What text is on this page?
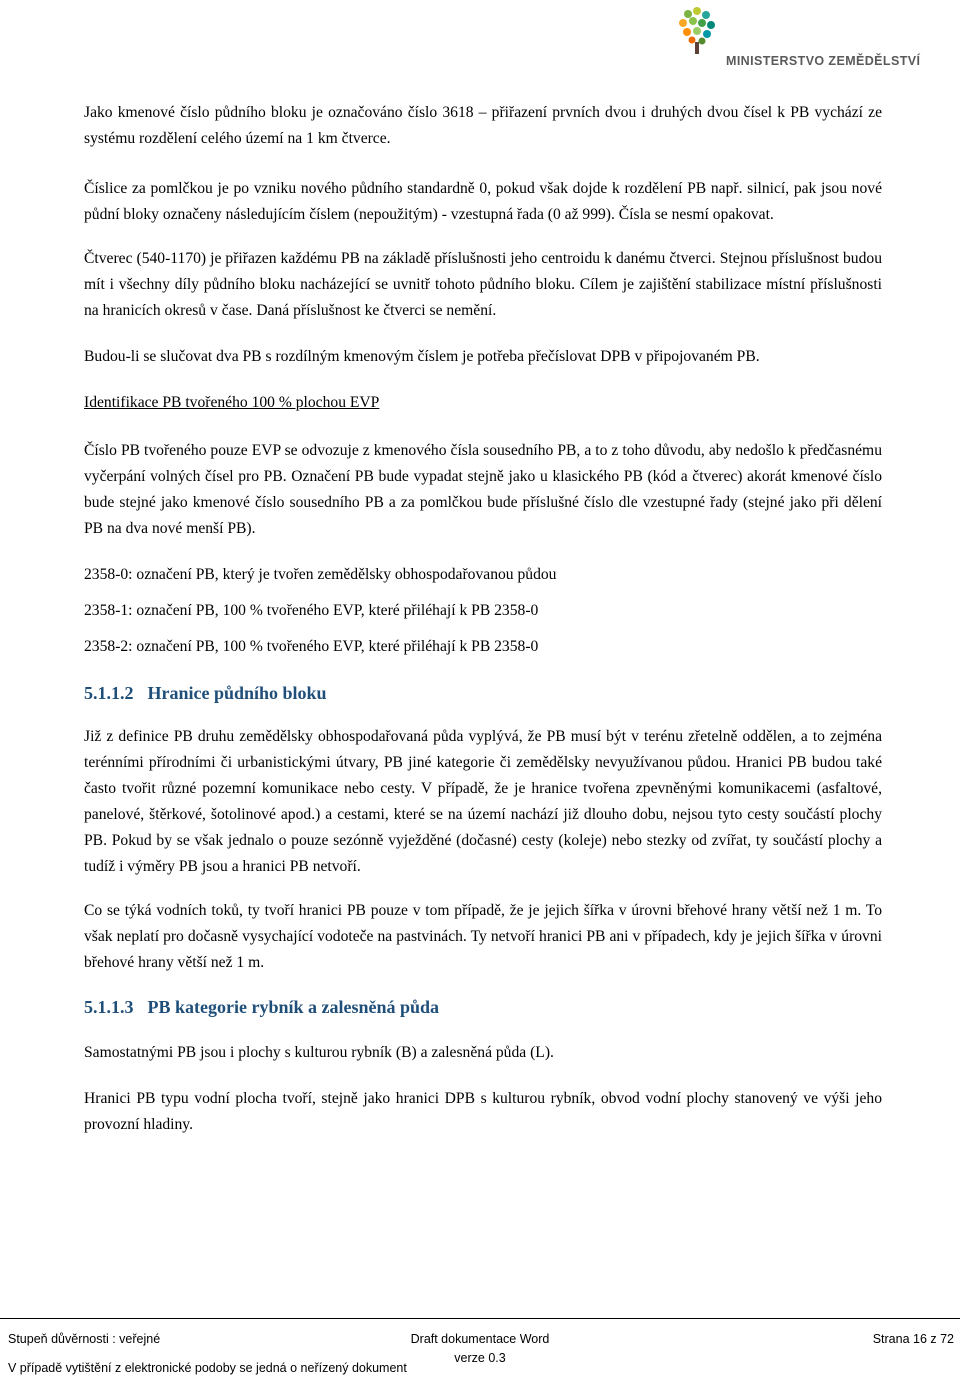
MINISTERSTVO ZEMĚDĚLSTVÍ

Jako kmenové číslo půdního bloku je označováno číslo 3618 – přiřazení prvních dvou i druhých dvou čísel k PB vychází ze systému rozdělení celého území na 1 km čtverce.

Číslice za pomlčkou je po vzniku nového půdního standardně 0, pokud však dojde k rozdělení PB např. silnicí, pak jsou nové půdní bloky označeny následujícím číslem (nepoužitým) - vzestupná řada (0 až 999). Čísla se nesmí opakovat.

Čtverec (540-1170) je přiřazen každému PB na základě příslušnosti jeho centroidu k danému čtverci. Stejnou příslušnost budou mít i všechny díly půdního bloku nacházející se uvnitř tohoto půdního bloku. Cílem je zajištění stabilizace místní příslušnosti na hranicích okresů v čase. Daná příslušnost ke čtverci se nemění.

Budou-li se slučovat dva PB s rozdílným kmenovým číslem je potřeba přečíslovat DPB v připojovaném PB.

Identifikace PB tvořeného 100 % plochou EVP

Číslo PB tvořeného pouze EVP se odvozuje z kmenového čísla sousedního PB, a to z toho důvodu, aby nedošlo k předčasnému vyčerpání volných čísel pro PB. Označení PB bude vypadat stejně jako u klasického PB (kód a čtverec) akorát kmenové číslo bude stejné jako kmenové číslo sousedního PB a za pomlčkou bude příslušné číslo dle vzestupné řady (stejné jako při dělení PB na dva nové menší PB).

2358-0: označení PB, který je tvořen zemědělsky obhospodařovanou půdou

2358-1: označení PB, 100 % tvořeného EVP, které přiléhají k PB 2358-0

2358-2: označení PB, 100 % tvořeného EVP, které přiléhají k PB 2358-0

5.1.1.2 Hranice půdního bloku

Již z definice PB druhu zemědělsky obhospodařovaná půda vyplývá, že PB musí být v terénu zřetelně oddělen, a to zejména terénními přírodními či urbanistickými útvary, PB jiné kategorie či zemědělsky nevyužívanou půdou. Hranici PB budou také často tvořit různé pozemní komunikace nebo cesty. V případě, že je hranice tvořena zpevněnými komunikacemi (asfaltové, panelové, štěrkové, šotolinové apod.) a cestami, které se na území nachází již dlouho dobu, nejsou tyto cesty součástí plochy PB. Pokud by se však jednalo o pouze sezónně vyježděné (dočasné) cesty (koleje) nebo stezky od zvířat, ty součástí plochy a tudíž i výměry PB jsou a hranici PB netvoří.

Co se týká vodních toků, ty tvoří hranici PB pouze v tom případě, že je jejich šířka v úrovni břehové hrany větší než 1 m. To však neplatí pro dočasně vysychající vodoteče na pastvinách. Ty netvoří hranici PB ani v případech, kdy je jejich šířka v úrovni břehové hrany větší než 1 m.

5.1.1.3 PB kategorie rybník a zalesněná půda

Samostatnými PB jsou i plochy s kulturou rybník (B) a zalesněná půda (L).

Hranici PB typu vodní plocha tvoří, stejně jako hranici DPB s kulturou rybník, obvod vodní plochy stanovený ve výši jeho provozní hladiny.

Stupeň důvěrnosti : veřejné	Draft dokumentace Word
verze 0.3
Strana 16 z 72
V případě vytištění z elektronické podoby se jedná o neřízený dokument
